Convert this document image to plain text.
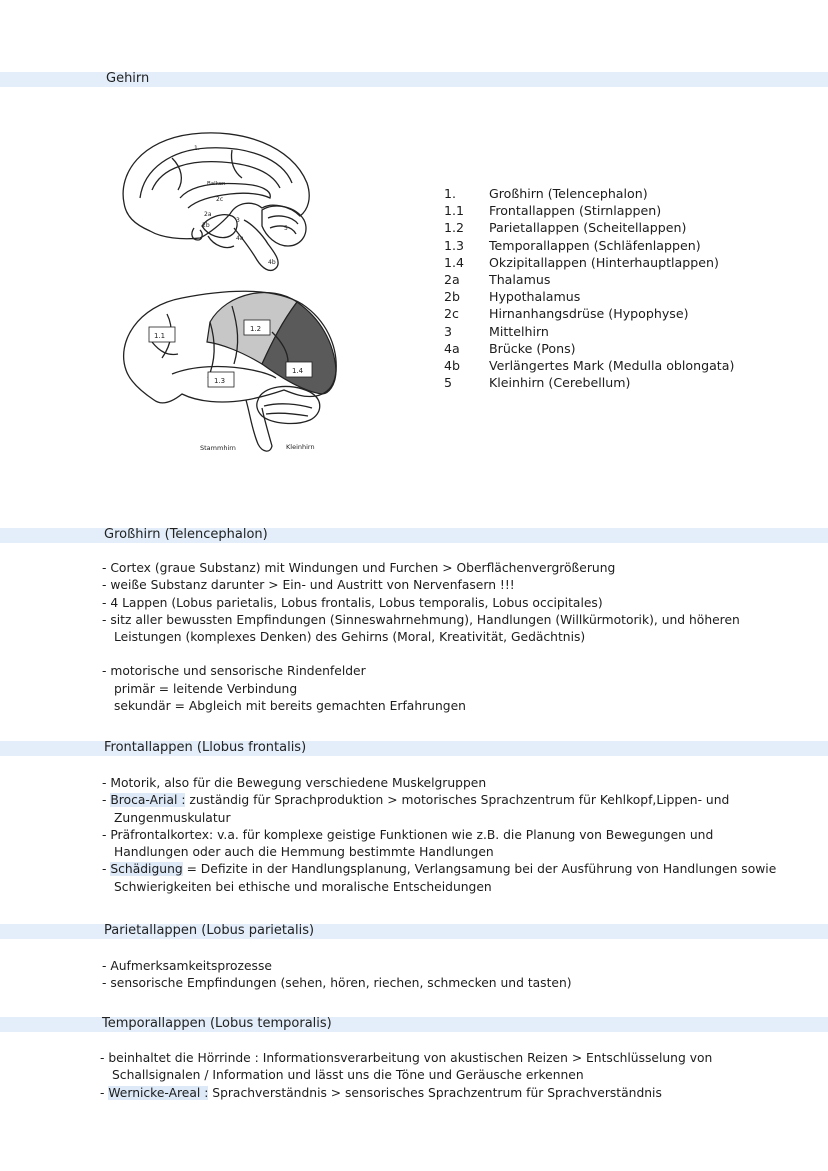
Gehirn
1.
Balken
2c
2a
2b
3
4a
5
4b
1.1
1.2
1.3
1.4
Stammhirn	Kleinhirn
1.	Großhirn (Telencephalon)
1.1	Frontallappen (Stirnlappen)
1.2	Parietallappen (Scheitellappen)
1.3	Temporallappen (Schläfenlappen)
1.4	Okzipitallappen (Hinterhauptlappen)
2a	Thalamus
2b	Hypothalamus
2c	Hirnanhangsdrüse (Hypophyse)
3	Mittelhirn
4a	Brücke (Pons)
4b	Verlängertes Mark (Medulla oblongata)
5	Kleinhirn (Cerebellum)
Großhirn (Telencephalon)
- Cortex (graue Substanz) mit Windungen und Furchen > Oberflächenvergrößerung
- weiße Substanz darunter > Ein- und Austritt von Nervenfasern !!!
- 4 Lappen (Lobus parietalis, Lobus frontalis, Lobus temporalis, Lobus occipitales)
- sitz aller bewussten Empfindungen (Sinneswahrnehmung), Handlungen (Willkürmotorik), und höheren
Leistungen (komplexes Denken) des Gehirns (Moral, Kreativität, Gedächtnis)
- motorische und sensorische Rindenfelder
primär = leitende Verbindung
sekundär = Abgleich mit bereits gemachten Erfahrungen
Frontallappen (Llobus frontalis)
- Motorik, also für die Bewegung verschiedene Muskelgruppen
- Broca-Arial : zuständig für Sprachproduktion > motorisches Sprachzentrum für Kehlkopf,Lippen- und
Zungenmuskulatur
- Präfrontalkortex: v.a. für komplexe geistige Funktionen wie z.B. die Planung von Bewegungen und
Handlungen oder auch die Hemmung bestimmte Handlungen
- Schädigung = Defizite in der Handlungsplanung, Verlangsamung bei der Ausführung von Handlungen sowie
Schwierigkeiten bei ethische und moralische Entscheidungen
Parietallappen (Lobus parietalis)
- Aufmerksamkeitsprozesse
- sensorische Empfindungen (sehen, hören, riechen, schmecken und tasten)
Temporallappen (Lobus temporalis)
- beinhaltet die Hörrinde : Informationsverarbeitung von akustischen Reizen > Entschlüsselung von
Schallsignalen / Information und lässt uns die Töne und Geräusche erkennen
- Wernicke-Areal : Sprachverständnis > sensorisches Sprachzentrum für Sprachverständnis
